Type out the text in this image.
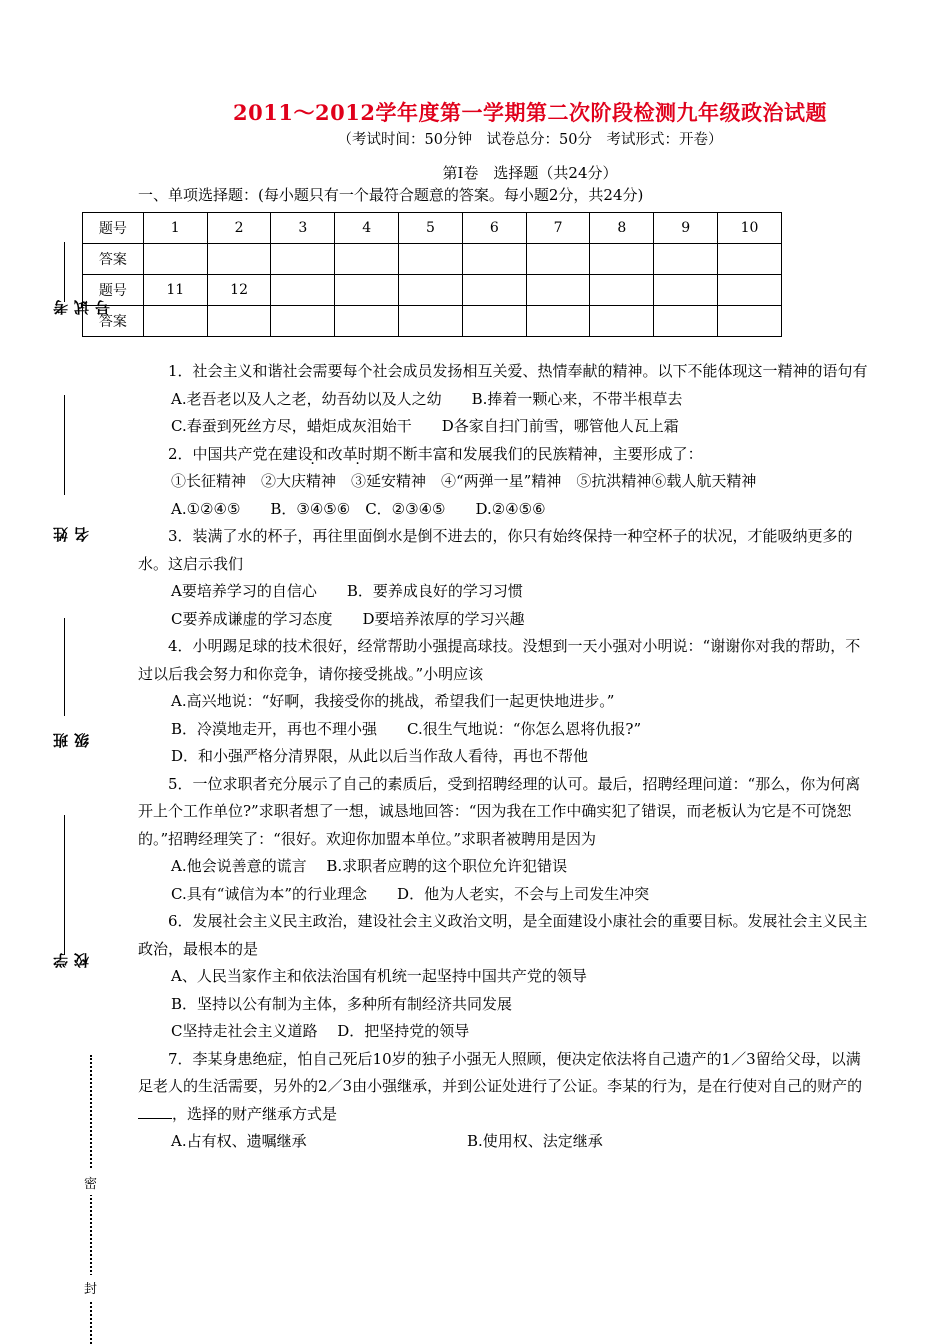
考试号
姓　　名
班　级
学校
密
封
2011～2012学年度第一学期第二次阶段检测九年级政治试题
（考试时间：50分钟　试卷总分：50分　考试形式：开卷）
第Ⅰ卷　选择题（共24分）
一、单项选择题：(每小题只有一个最符合题意的答案。每小题2分，共24分)
题号	1	2	3	4	5	6	7	8	9	10
答案										
题号	11	12								
答案										

1．社会主义和谐社会需要每个社会成员发扬相互关爱、热情奉献的精神。以下不能体现这一精神的语句有

A.老吾老以及人之老，幼吾幼以及人之幼　　B.捧着一颗心来，不带半根草去

C.春蚕到死丝方尽，蜡炬成灰泪始干　　D各家自扫门前雪，哪管他人瓦上霜

2．中国共产党在建设和改革时期不断丰富和发展我们的民族精神，主要形成了：

①长征精神　②大庆精神　③延安精神　④“两弹一星”精神　⑤抗洪精神⑥载人航天精神

A.①②④⑤　　B．③④⑤⑥　C．②③④⑤　　D.②④⑤⑥

3．装满了水的杯子，再往里面倒水是倒不进去的，你只有始终保持一种空杯子的状况，才能吸纳更多的水。这启示我们

A要培养学习的自信心　　B．要养成良好的学习习惯

C要养成谦虚的学习态度　　D要培养浓厚的学习兴趣

4．小明踢足球的技术很好，经常帮助小强提高球技。没想到一天小强对小明说：“谢谢你对我的帮助，不过以后我会努力和你竞争，请你接受挑战。”小明应该

A.高兴地说：“好啊，我接受你的挑战，希望我们一起更快地进步。”

B．冷漠地走开，再也不理小强　　C.很生气地说：“你怎么恩将仇报?”

D．和小强严格分清界限，从此以后当作敌人看待，再也不帮他

5．一位求职者充分展示了自己的素质后，受到招聘经理的认可。最后，招聘经理问道：“那么，你为何离开上个工作单位?”求职者想了一想，诚恳地回答：“因为我在工作中确实犯了错误，而老板认为它是不可饶恕的。”招聘经理笑了：“很好。欢迎你加盟本单位。”求职者被聘用是因为

A.他会说善意的谎言　 B.求职者应聘的这个职位允许犯错误

C.具有“诚信为本”的行业理念　　D．他为人老实，不会与上司发生冲突

6．发展社会主义民主政治，建设社会主义政治文明，是全面建设小康社会的重要目标。发展社会主义民主政治，最根本的是

A、人民当家作主和依法治国有机统一起坚持中国共产党的领导

B．坚持以公有制为主体，多种所有制经济共同发展

C坚持走社会主义道路　 D．把坚持党的领导

7．李某身患绝症，怕自己死后10岁的独子小强无人照顾，便决定依法将自己遗产的1／3留给父母，以满足老人的生活需要，另外的2／3由小强继承，并到公证处进行了公证。李某的行为，是在行使对自己的财产的，选择的财产继承方式是

A.占有权、遗嘱继承	B.使用权、法定继承
